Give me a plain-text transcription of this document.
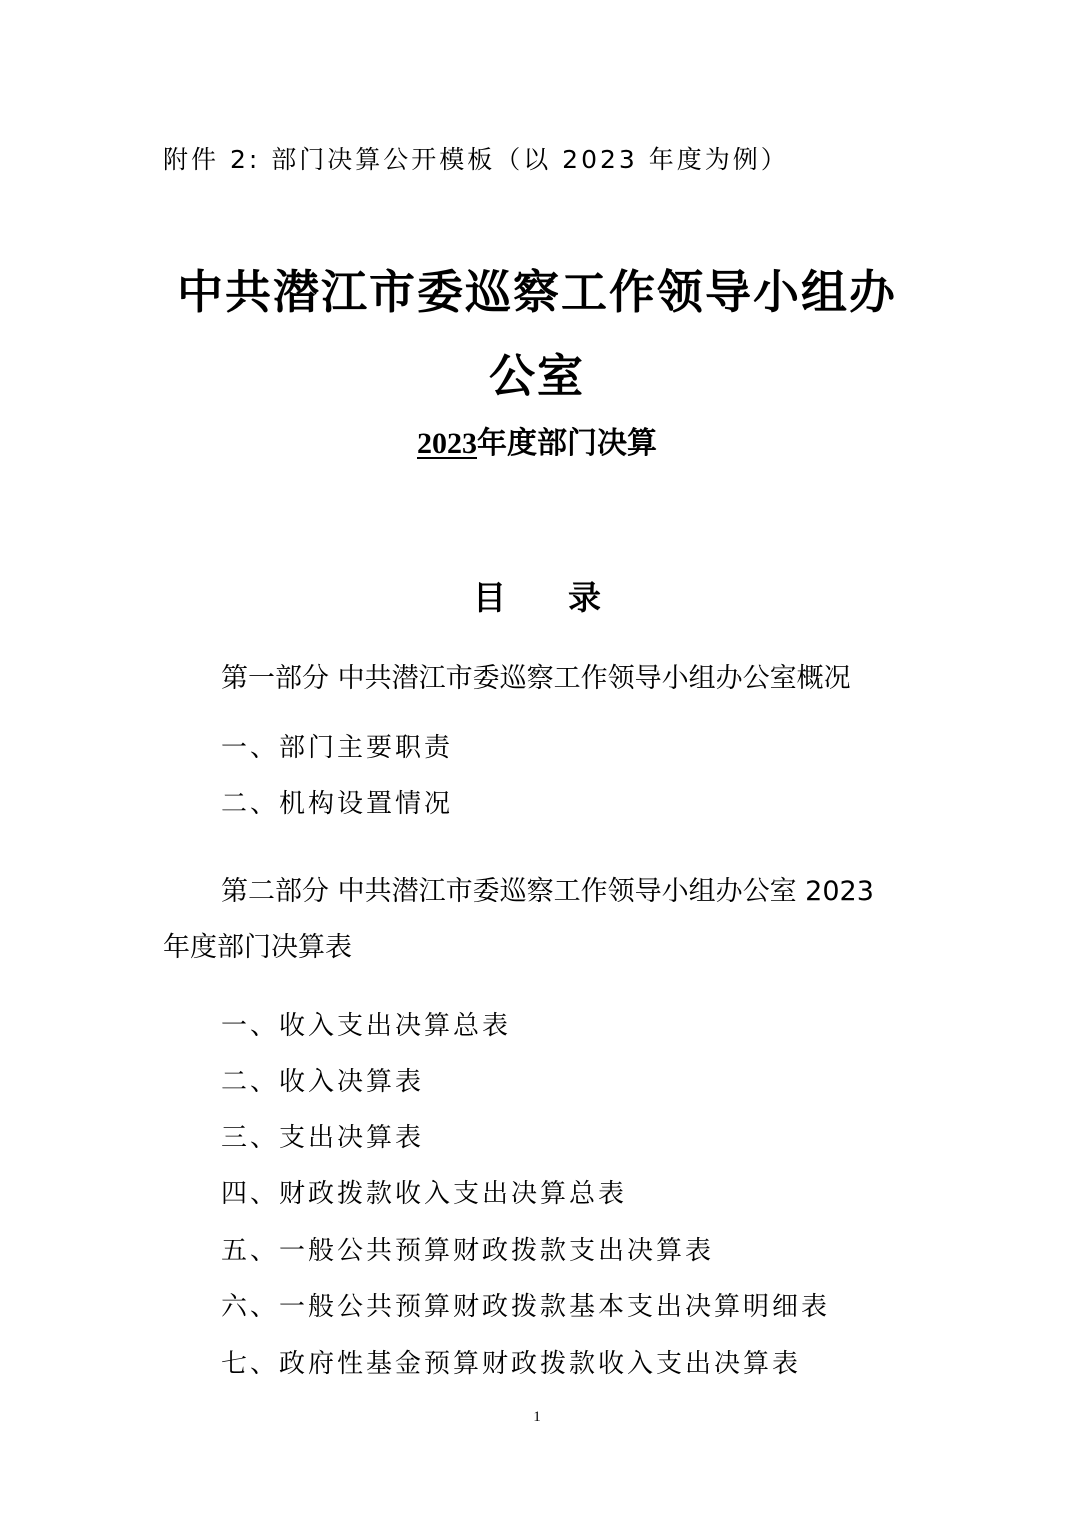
附件 2: 部门决算公开模板（以 2023 年度为例）
中共潜江市委巡察工作领导小组办
公室
2023年度部门决算
目 录
第一部分 中共潜江市委巡察工作领导小组办公室概况
一、部门主要职责
二、机构设置情况
第二部分 中共潜江市委巡察工作领导小组办公室 2023
年度部门决算表
一、收入支出决算总表
二、收入决算表
三、支出决算表
四、财政拨款收入支出决算总表
五、一般公共预算财政拨款支出决算表
六、一般公共预算财政拨款基本支出决算明细表
七、政府性基金预算财政拨款收入支出决算表
1
